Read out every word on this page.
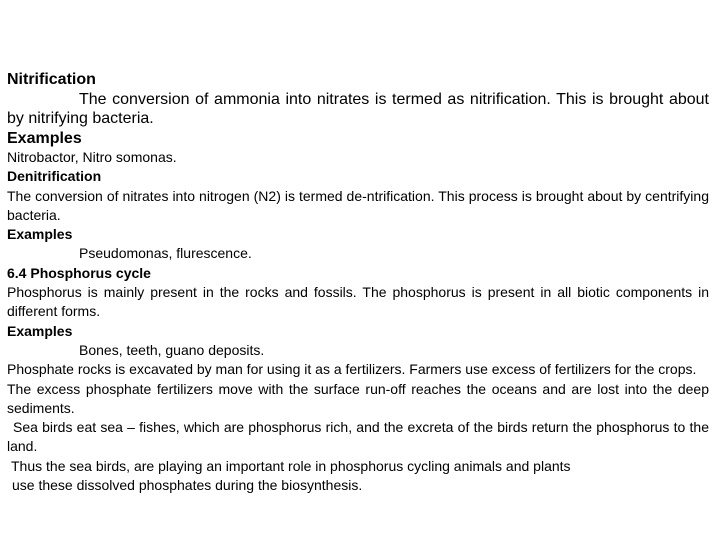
Nitrification

The conversion of ammonia into nitrates is termed as nitrification. This is brought about by nitrifying bacteria.

Examples

Nitrobactor, Nitro somonas.

Denitrification

The conversion of nitrates into nitrogen (N2) is termed de-ntrification. This process is brought about by centrifying bacteria.

Examples

Pseudomonas, flurescence.

6.4 Phosphorus cycle

Phosphorus is mainly present in the rocks and fossils. The phosphorus is present in all biotic components in different forms.

Examples

Bones, teeth, guano deposits.

Phosphate rocks is excavated by man for using it as a fertilizers. Farmers use excess of fertilizers for the crops.

The excess phosphate fertilizers move with the surface run-off reaches the oceans and are lost into the deep sediments.

Sea birds eat sea – fishes, which are phosphorus rich, and the excreta of the birds return the phosphorus to the land.

Thus the sea birds, are playing an important role in phosphorus cycling animals and plants

use these dissolved phosphates during the biosynthesis.
